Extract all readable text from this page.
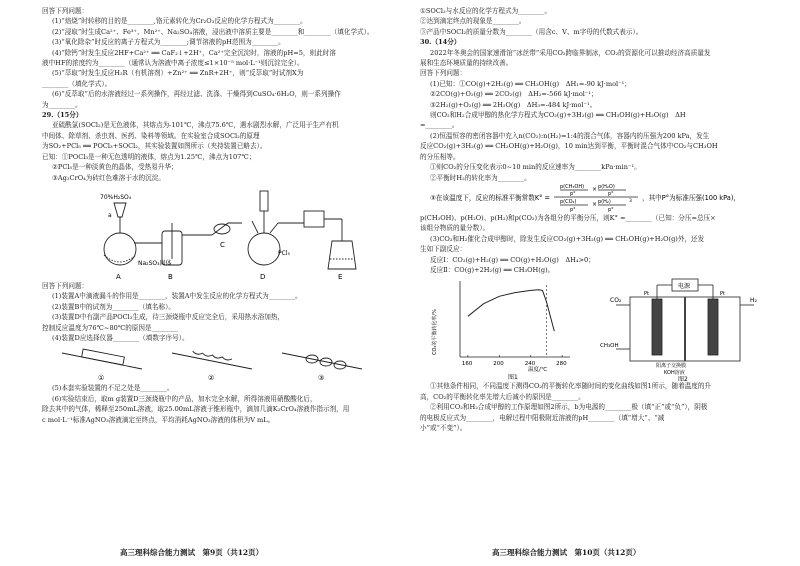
回答下列问题：
(1)“焙烧”时转移的目的是________,铬元素转化为Cr₂O₃反应的化学方程式为________。
(2)“浸取”时生成Ca²⁺、Fe³⁺、Mn²⁺、Na₂SO₄溶液，浸出液中溶质主要是________和________（填化学式）。
(3)“氧化除杂”时反应的离子方程式为________;调节溶液的pH范围为________。
(4)“除钙”时发生反应2HF+Ca²⁺ ══ CaF₂↓+2H⁺，Ca²⁺完全沉淀时，溶液的pH=5，则此时溶
液中HF的浓度约为________（通常认为溶液中离子浓度≤1×10⁻⁵ mol·L⁻¹则沉淀完全）。
(5)“萃取”时发生反应H₂R（有机溶剂）+Zn²⁺ ══ ZnR+2H⁺，则“反萃取”时试剂X为
________（填化学式）。
(6)“反萃取”后的水溶液经过一系列操作，再经过滤、洗涤、干燥得到CuSO₄·6H₂O，则一系列操作
为________。
29.（15分）
亚硫酰氯(SOCl₂)是无色液体，其熔点为-101℃，沸点75.6℃，遇水剧烈水解，广泛用于生产有机
中间体、除草剂、杀虫剂、医药、染料等领域。在实验室合成SOCl₂的原理
为SO₂+PCl₅ ══ POCl₃+SOCl₂，其实验装置如图所示（夹持装置已略去）。
已知：①POCl₃是一种无色透明的液体，熔点为1.25℃，沸点为107℃；
②PCl₅是一种淡黄色的晶体，受热易升华；
③Ag₂CrO₄为砖红色难溶于水的沉淀。
70%H₂SO₄
a
Na₂SO₃固体
A	B
C
PCl₅
D	E
回答下列问题：
(1)装置A中滴液漏斗的作用是________，装置A中发生反应的化学方程式为________。
(2)装置B中的试剂为________（填名称）。
(3)装置D中有副产品POCl₃生成，待三颈烧瓶中反应完全后，采用热水浴加热，
控制反应温度为76℃~80℃的原因是________
(4)装置D应选择仪器________（填数字序号）。
①	②	③
(5)本套实验装置的不足之处是________。
(6)实验结束后，取m g装置D三颈烧瓶中的产品，加水完全水解，所得溶液用硝酸酸化后，
除去其中的气体，稀释至250mL溶液，取25.00mL溶液于锥形瓶中，滴加几滴K₂CrO₄溶液作指示剂，用
c mol·L⁻¹标准AgNO₃溶液滴定至终点，平均消耗AgNO₃溶液的体积为V mL。
高三理科综合能力测试　第9页（共12页）
①SOCl₂与水反应的化学方程式为________。
②达到滴定终点的现象是________。
③产品中SOCl₂的质量分数为________（用含c、V、m字母的代数式表示）。
30.（14分）
2022年冬奥会的国家速滑馆“冰丝带”采用CO₂跨临界制冰，CO₂的资源化可以推动经济高质量发
展和生态环境质量的持续改善。
回答下列问题：
(1)已知：①CO(g)+2H₂(g) ══ CH₃OH(g)　ΔH₁=-90 kJ·mol⁻¹；
②2CO(g)+O₂(g) ══ 2CO₂(g)　ΔH₂=-566 kJ·mol⁻¹；
③2H₂(g)+O₂(g) ══ 2H₂O(g)　ΔH₃=-484 kJ·mol⁻¹。
则CO₂和H₂合成甲醇的热化学方程式为CO₂(g)+3H₂(g) ══ CH₃OH(g)+H₂O(g)　ΔH
=________。
(2)恒温恒容的密闭容器中充入n(CO₂):n(H₂)=1:4的混合气体，容器内的压强为200 kPa，发生
反应CO₂(g)+3H₂(g) ══ CH₃OH(g)+H₂O(g)，10 min达到平衡，平衡时混合气体中CO₂与CH₃OH
的分压相等。
①则CO₂的分压变化表示0~10 min的反应速率为________kPa·min⁻¹。
②平衡时H₂的转化率为________。
③在该温度下，反应的标准平衡常数K° =
p(CH₃OH)
p°
× p(H₂O)
p°
p(CO₂)
p°
× p(H₂)
p°
3 ，其中P°为标准压强(100 kPa)，
p(CH₃OH)、p(H₂O)、p(H₂)和p(CO₂)为各组分的平衡分压，则K° =________（已知：分压=总压×
该组分物质的量分数）。
(3)CO₂和H₂催化合成甲醇时，除发生反应CO₂(g)+3H₂(g) ══ CH₃OH(g)+H₂O(g)外，还发
生如下副反应：
反应Ⅰ：CO₂(g)+H₂(g) ══ CO(g)+H₂O(g)　ΔH₄>0；
反应Ⅱ：CO(g)+2H₂(g) ══ CH₃OH(g)。
160	200	240	280
CO₂的平衡转化率/%
温度/℃
图1
电源
CO₂	H₂
Pt	Pt
CH₃OH
阳离子交换膜
KOH溶液
图2
①其他条件相同，不同温度下测得CO₂的平衡转化率随时间的变化曲线如图1所示，随着温度的升
高，CO₂的平衡转化率先增大后减小的原因是________。
②利用CO₂和H₂合成甲醇的工作原理如图2所示，b为电源的________极（填“正”或“负”），阴极
的电极反应式为________，电解过程中阳极附近溶液的pH________（填“增大”、“减
小”或“不变”）。
高三理科综合能力测试　第10页（共12页）
